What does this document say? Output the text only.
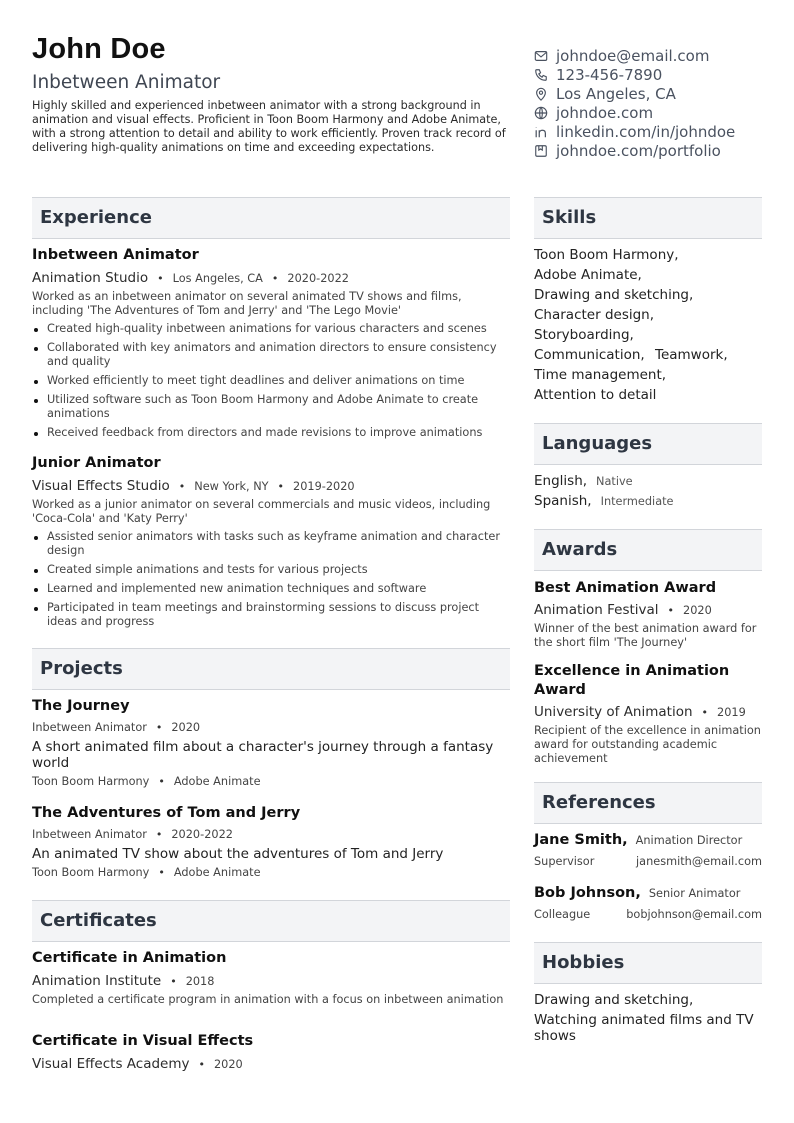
John Doe
Inbetween Animator
Highly skilled and experienced inbetween animator with a strong background in animation and visual effects. Proficient in Toon Boom Harmony and Adobe Animate, with a strong attention to detail and ability to work efficiently. Proven track record of delivering high-quality animations on time and exceeding expectations.
johndoe@email.com
123-456-7890
Los Angeles, CA
johndoe.com
linkedin.com/in/johndoe
johndoe.com/portfolio
Experience
Inbetween Animator
Animation Studio • Los Angeles, CA • 2020-2022
Worked as an inbetween animator on several animated TV shows and films, including 'The Adventures of Tom and Jerry' and 'The Lego Movie'
Created high-quality inbetween animations for various characters and scenes
Collaborated with key animators and animation directors to ensure consistency and quality
Worked efficiently to meet tight deadlines and deliver animations on time
Utilized software such as Toon Boom Harmony and Adobe Animate to create animations
Received feedback from directors and made revisions to improve animations
Junior Animator
Visual Effects Studio • New York, NY • 2019-2020
Worked as a junior animator on several commercials and music videos, including 'Coca-Cola' and 'Katy Perry'
Assisted senior animators with tasks such as keyframe animation and character design
Created simple animations and tests for various projects
Learned and implemented new animation techniques and software
Participated in team meetings and brainstorming sessions to discuss project ideas and progress
Projects
The Journey
Inbetween Animator • 2020
A short animated film about a character's journey through a fantasy world
Toon Boom Harmony • Adobe Animate
The Adventures of Tom and Jerry
Inbetween Animator • 2020-2022
An animated TV show about the adventures of Tom and Jerry
Toon Boom Harmony • Adobe Animate
Certificates
Certificate in Animation
Animation Institute • 2018
Completed a certificate program in animation with a focus on inbetween animation
Certificate in Visual Effects
Visual Effects Academy • 2020
Skills
Toon Boom Harmony,
Adobe Animate,
Drawing and sketching,
Character design,
Storyboarding,
Communication, Teamwork,
Time management,
Attention to detail
Languages
English, Native
Spanish, Intermediate
Awards
Best Animation Award
Animation Festival • 2020
Winner of the best animation award for the short film 'The Journey'
Excellence in Animation Award
University of Animation • 2019
Recipient of the excellence in animation award for outstanding academic achievement
References
Jane Smith, Animation Director
Supervisor	janesmith@email.com
Bob Johnson, Senior Animator
Colleague	bobjohnson@email.com
Hobbies
Drawing and sketching,
Watching animated films and TV shows
